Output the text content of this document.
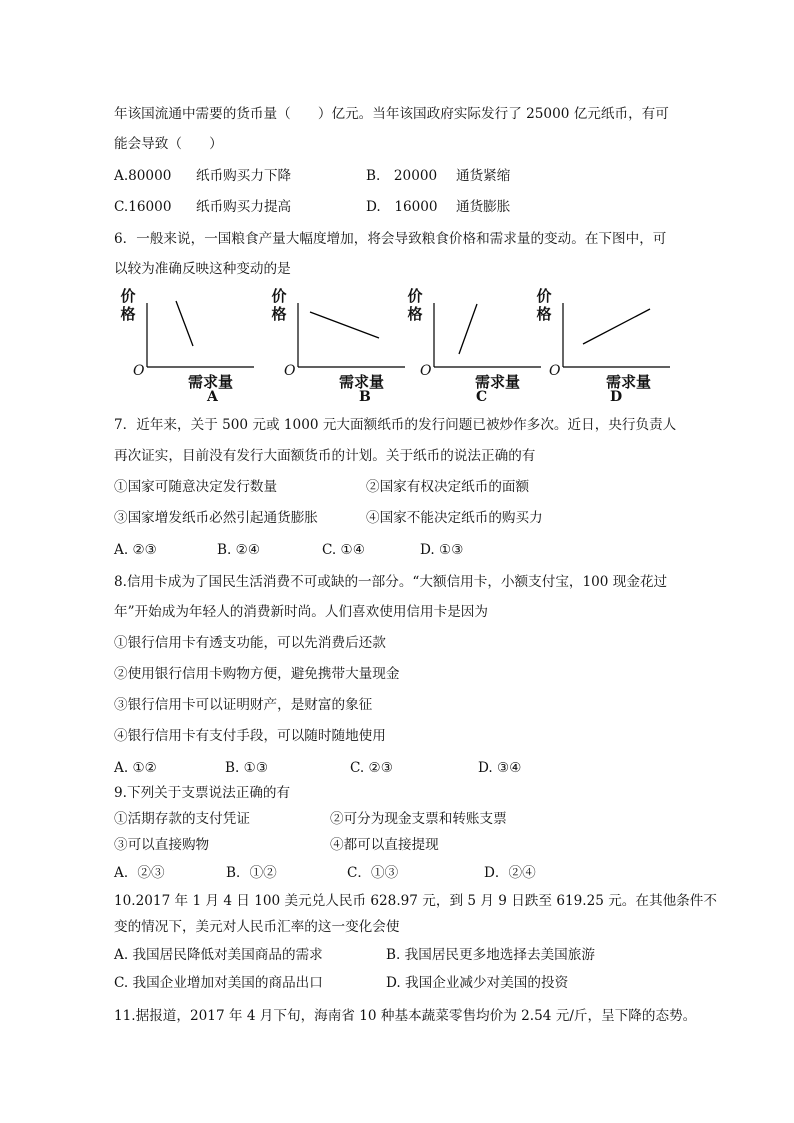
年该国流通中需要的货币量（　　）亿元。当年该国政府实际发行了 25000 亿元纸币，有可
能会导致（　　）
A.80000 纸币购买力下降	B.　20000 通货紧缩
C.16000 纸币购买力提高	D.　16000 通货膨胀
6．一般来说，一国粮食产量大幅度增加，将会导致粮食价格和需求量的变动。在下图中，可
以较为准确反映这种变动的是
价格
O
需求量
A
价格
O
需求量
B
价格
O
需求量
C
价格
O
需求量
D
7．近年来，关于 500 元或 1000 元大面额纸币的发行问题已被炒作多次。近日，央行负责人
再次证实，目前没有发行大面额货币的计划。关于纸币的说法正确的有
①国家可随意决定发行数量	②国家有权决定纸币的面额
③国家增发纸币必然引起通货膨胀	④国家不能决定纸币的购买力
A. ②③	B. ②④	C. ①④	D. ①③
8.信用卡成为了国民生活消费不可或缺的一部分。“大额信用卡，小额支付宝，100 现金花过
年”开始成为年轻人的消费新时尚。人们喜欢使用信用卡是因为
①银行信用卡有透支功能，可以先消费后还款
②使用银行信用卡购物方便，避免携带大量现金
③银行信用卡可以证明财产，是财富的象征
④银行信用卡有支付手段，可以随时随地使用
A. ①②	B. ①③	C. ②③	D. ③④
9.下列关于支票说法正确的有
①活期存款的支付凭证	②可分为现金支票和转账支票
③可以直接购物	④都可以直接提现
A．②③	B．①②	C．①③	D．②④
10.2017 年 1 月 4 日 100 美元兑人民币 628.97 元，到 5 月 9 日跌至 619.25 元。在其他条件不
变的情况下，美元对人民币汇率的这一变化会使
A. 我国居民降低对美国商品的需求	B. 我国居民更多地选择去美国旅游
C. 我国企业增加对美国的商品出口	D. 我国企业减少对美国的投资
11.据报道，2017 年 4 月下旬，海南省 10 种基本蔬菜零售均价为 2.54 元/斤，呈下降的态势。
